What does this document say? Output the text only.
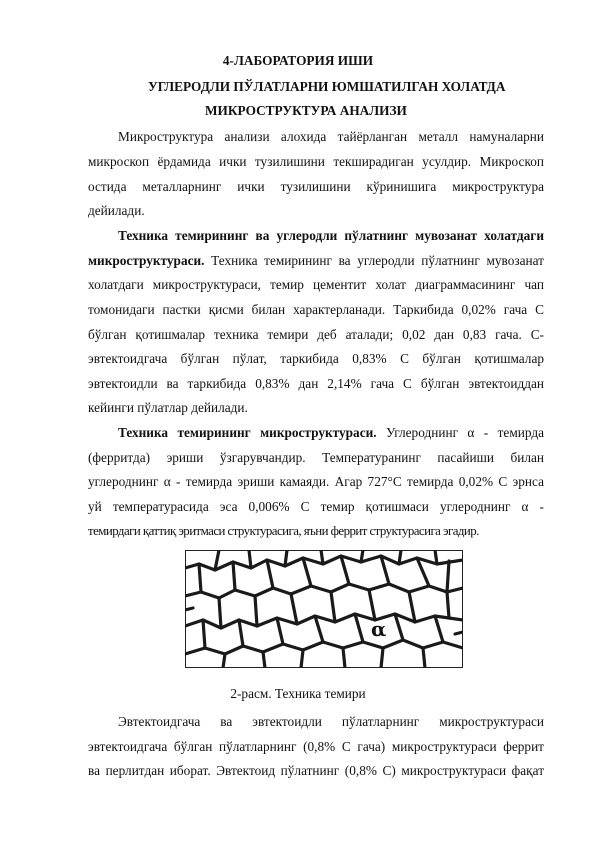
4-ЛАБОРАТОРИЯ ИШИ
УГЛЕРОДЛИ ПЎЛАТЛАРНИ ЮМШАТИЛГАН ХОЛАТДА
МИКРОСТРУКТУРА АНАЛИЗИ
Микроструктура анализи алохида тайёрланган металл намуналарни
микроскоп ёрдамида ички тузилишини текширадиган усулдир. Микроскоп
остида металларнинг ички тузилишини кўринишига микроструктура
дейилади.
Техника темирининг ва углеродли пўлатнинг мувозанат холатдаги
микроструктураси. Техника темирининг ва углеродли пўлатнинг мувозанат
холатдаги микроструктураси, темир цементит холат диаграммасининг чап
томонидаги пастки қисми билан характерланади. Таркибида 0,02% гача С
бўлган қотишмалар техника темири деб аталади; 0,02 дан 0,83 гача. С-
эвтектоидгача бўлган пўлат, таркибида 0,83% С бўлган қотишмалар
эвтектоидли ва таркибида 0,83% дан 2,14% гача С бўлган эвтектоиддан
кейинги пўлатлар дейилади.
Техника темирининг микроструктураси. Углероднинг α - темирда
(ферритда) эриши ўзгарувчандир. Температуранинг пасайиши билан
углероднинг α - темирда эриши камаяди. Агар 727°С темирда 0,02% С эрнса
уй температурасида эса 0,006% С темир қотишмаси углероднинг α -
темирдаги қаттиқ эритмаси структурасига, яъни феррит структурасига эгадир.
α
2-расм. Техника темири
Эвтектоидгача ва эвтектоидли пўлатларнинг микроструктураси
эвтектоидгача бўлган пўлатларнинг (0,8% С гача) микроструктураси феррит
ва перлитдан иборат. Эвтектоид пўлатнинг (0,8% С) микроструктураси фақат
